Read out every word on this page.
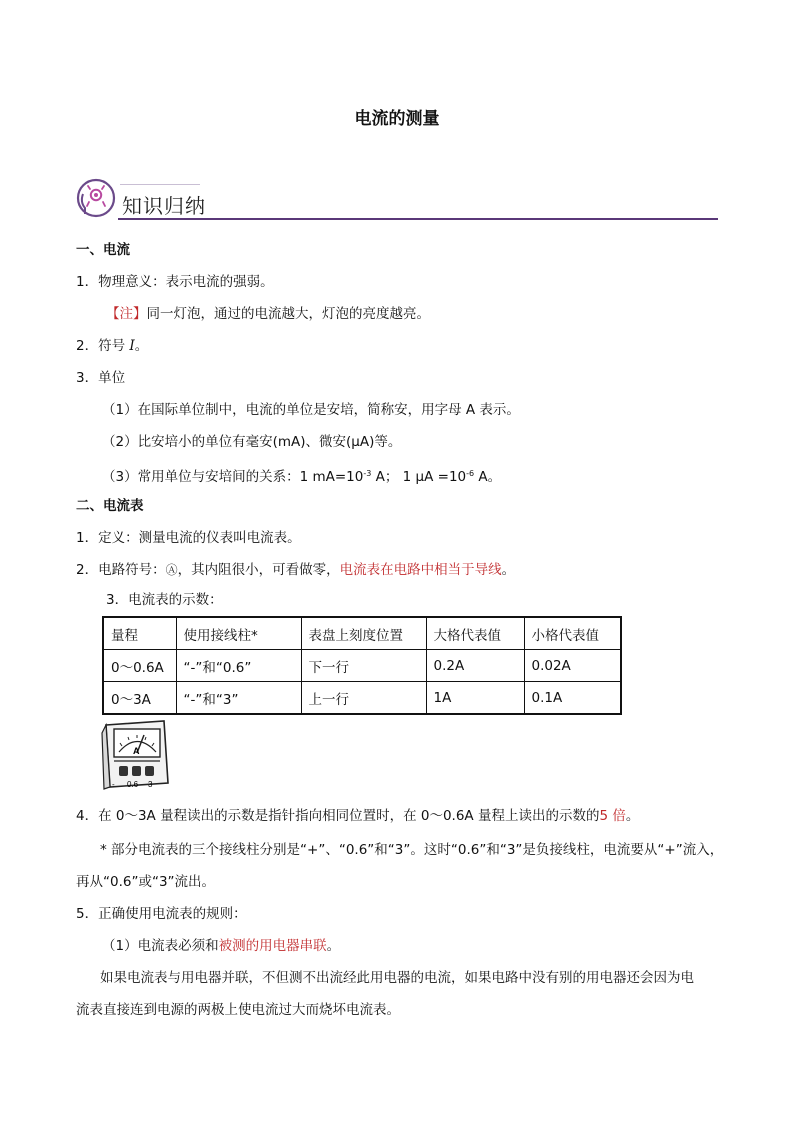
电流的测量
知识归纳
一、电流
1．物理意义：表示电流的强弱。
【注】同一灯泡，通过的电流越大，灯泡的亮度越亮。
2．符号 I。
3．单位
（1）在国际单位制中，电流的单位是安培，简称安，用字母 A 表示。
（2）比安培小的单位有毫安(mA)、微安(μA)等。
（3）常用单位与安培间的关系：1 $mA=10^{-3}$ A； 1 $\mu A =10^{-6}$ A。
二、电流表
1．定义：测量电流的仪表叫电流表。
2．电路符号：Ⓐ，其内阻很小，可看做零，电流表在电路中相当于导线。
3．电流表的示数：
量程	使用接线柱*	表盘上刻度位置	大格代表值	小格代表值
0～0.6A	“-”和“0.6”	下一行	0.2A	0.02A
0～3A	“-”和“3”	上一行	1A	0.1A
A
- 0.6 3
4．在 0～3A 量程读出的示数是指针指向相同位置时，在 0～0.6A 量程上读出的示数的5 倍。
* 部分电流表的三个接线柱分别是“+”、“0.6”和“3”。这时“0.6”和“3”是负接线柱，电流要从“+”流入，
再从“0.6”或“3”流出。
5．正确使用电流表的规则：
（1）电流表必须和被测的用电器串联。
如果电流表与用电器并联，不但测不出流经此用电器的电流，如果电路中没有别的用电器还会因为电
流表直接连到电源的两极上使电流过大而烧坏电流表。
